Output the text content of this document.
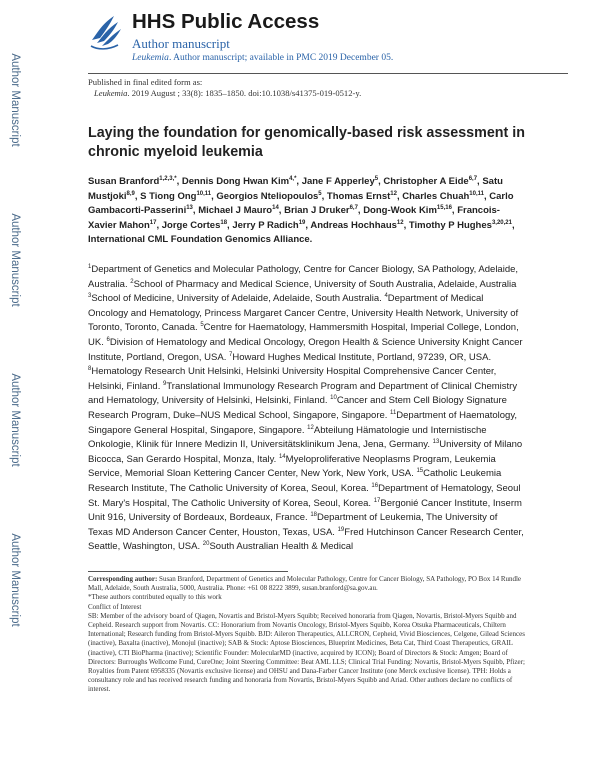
Author Manuscript
Author Manuscript
Author Manuscript
Author Manuscript
HHS Public Access
Author manuscript
Leukemia. Author manuscript; available in PMC 2019 December 05.
Published in final edited form as:
Leukemia. 2019 August ; 33(8): 1835–1850. doi:10.1038/s41375-019-0512-y.
Laying the foundation for genomically-based risk assessment in chronic myeloid leukemia
Susan Branford$^{1,2,3,*}$, Dennis Dong Hwan Kim$^{4,*}$, Jane F Apperley$^5$, Christopher A Eide$^{6,7}$, Satu Mustjoki$^{8,9}$, S Tiong Ong$^{10,11}$, Georgios Nteliopoulos$^5$, Thomas Ernst$^{12}$, Charles Chuah$^{10,11}$, Carlo Gambacorti-Passerini$^{13}$, Michael J Mauro$^{14}$, Brian J Druker$^{6,7}$, Dong-Wook Kim$^{15,16}$, Francois-Xavier Mahon$^{17}$, Jorge Cortes$^{18}$, Jerry P Radich$^{19}$, Andreas Hochhaus$^{12}$, Timothy P Hughes$^{3,20,21}$, International CML Foundation Genomics Alliance.
$^1$Department of Genetics and Molecular Pathology, Centre for Cancer Biology, SA Pathology, Adelaide, Australia. $^2$School of Pharmacy and Medical Science, University of South Australia, Adelaide, Australia $^3$School of Medicine, University of Adelaide, Adelaide, South Australia. $^4$Department of Medical Oncology and Hematology, Princess Margaret Cancer Centre, University Health Network, University of Toronto, Toronto, Canada. $^5$Centre for Haematology, Hammersmith Hospital, Imperial College, London, UK. $^6$Division of Hematology and Medical Oncology, Oregon Health & Science University Knight Cancer Institute, Portland, Oregon, USA. $^7$Howard Hughes Medical Institute, Portland, 97239, OR, USA. $^8$Hematology Research Unit Helsinki, Helsinki University Hospital Comprehensive Cancer Center, Helsinki, Finland. $^9$Translational Immunology Research Program and Department of Clinical Chemistry and Hematology, University of Helsinki, Helsinki, Finland. $^{10}$Cancer and Stem Cell Biology Signature Research Program, Duke–NUS Medical School, Singapore, Singapore. $^{11}$Department of Haematology, Singapore General Hospital, Singapore, Singapore. $^{12}$Abteilung Hämatologie und Internistische Onkologie, Klinik für Innere Medizin II, Universitätsklinikum Jena, Jena, Germany. $^{13}$University of Milano Bicocca, San Gerardo Hospital, Monza, Italy. $^{14}$Myeloproliferative Neoplasms Program, Leukemia Service, Memorial Sloan Kettering Cancer Center, New York, New York, USA. $^{15}$Catholic Leukemia Research Institute, The Catholic University of Korea, Seoul, Korea. $^{16}$Department of Hematology, Seoul St. Mary's Hospital, The Catholic University of Korea, Seoul, Korea. $^{17}$Bergonié Cancer Institute, Inserm Unit 916, University of Bordeaux, Bordeaux, France. $^{18}$Department of Leukemia, The University of Texas MD Anderson Cancer Center, Houston, Texas, USA. $^{19}$Fred Hutchinson Cancer Research Center, Seattle, Washington, USA. $^{20}$South Australian Health & Medical
Corresponding author: Susan Branford, Department of Genetics and Molecular Pathology, Centre for Cancer Biology, SA Pathology, PO Box 14 Rundle Mall, Adelaide, South Australia, 5000, Australia. Phone: +61 08 8222 3899, susan.branford@sa.gov.au.
*These authors contributed equally to this work
Conflict of Interest
SB: Member of the advisory board of Qiagen, Novartis and Bristol-Myers Squibb; Received honoraria from Qiagen, Novartis, Bristol-Myers Squibb and Cepheid. Research support from Novartis. CC: Honorarium from Novartis Oncology, Bristol-Myers Squibb, Korea Otsuka Pharmaceuticals, Chiltern International; Research funding from Bristol-Myers Squibb. BJD: Aileron Therapeutics, ALLCRON, Cepheid, Vivid Biosciences, Celgene, Gilead Sciences (inactive), Baxalta (inactive), Monojul (inactive); SAB & Stock: Aptose Biosciences, Blueprint Medicines, Beta Cat, Third Coast Therapeutics, GRAIL (inactive), CTI BioPharma (inactive); Scientific Founder: MolecularMD (inactive, acquired by ICON); Board of Directors & Stock: Amgen; Board of Directors: Burroughs Wellcome Fund, CureOne; Joint Steering Committee: Beat AML LLS; Clinical Trial Funding: Novartis, Bristol-Myers Squibb, Pfizer; Royalties from Patent 6958335 (Novartis exclusive license) and OHSU and Dana-Farber Cancer Institute (one Merck exclusive license). TPH: Holds a consultancy role and has received research funding and honoraria from Novartis, Bristol-Myers Squibb and Ariad. Other authors declare no conflicts of interest.
